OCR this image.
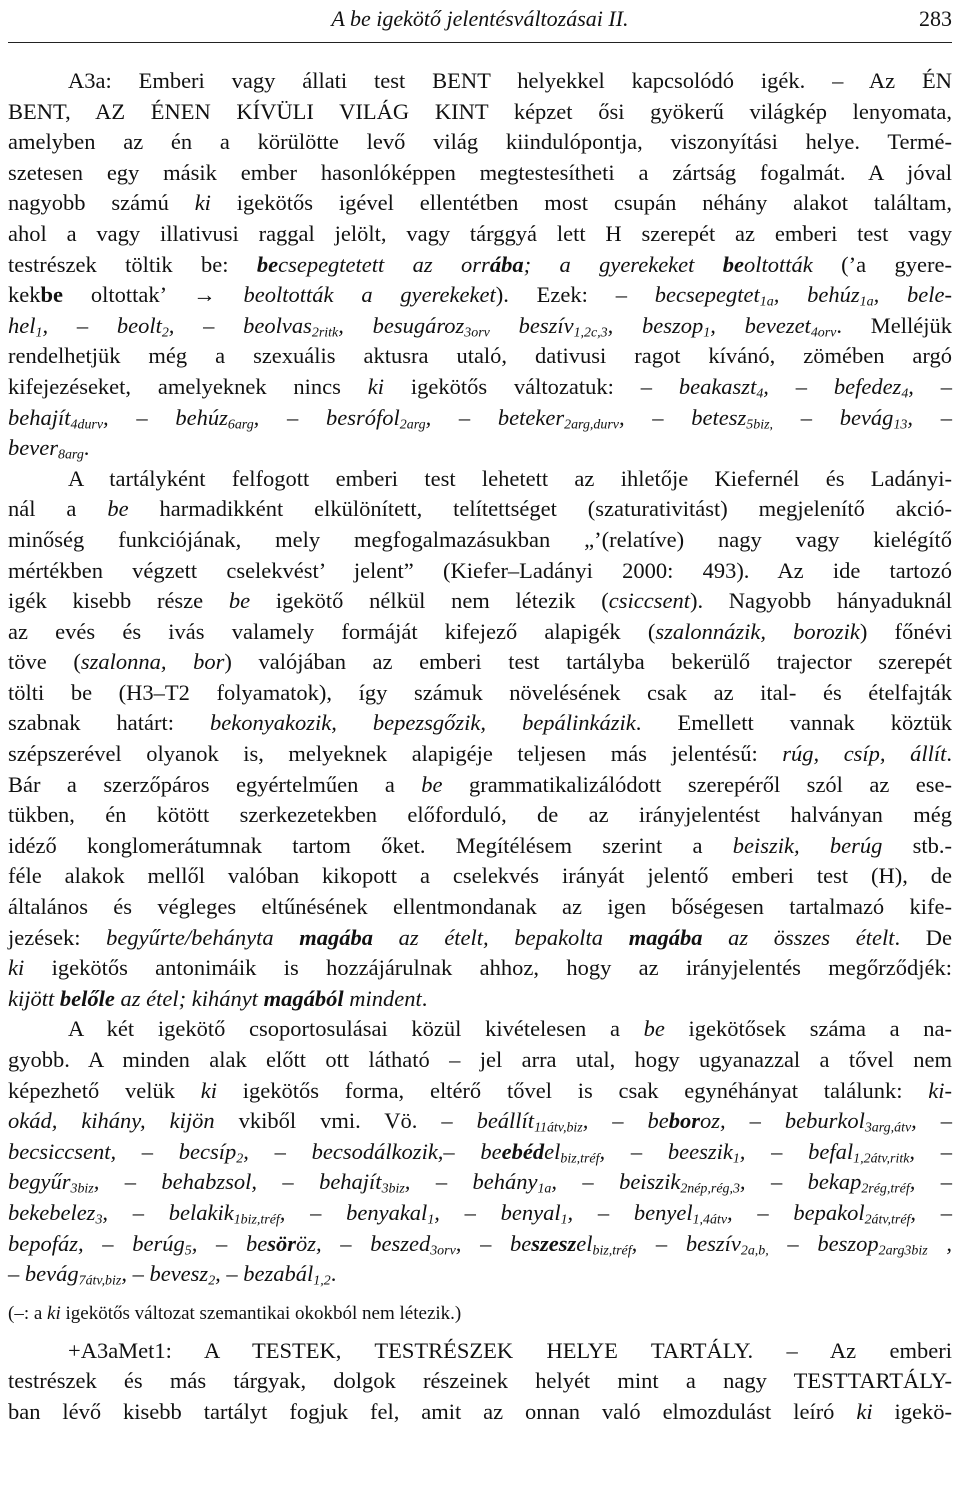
A be igekötő jelentésváltozásai II.	283

A3a: Emberi vagy állati test BENT helyekkel kapcsolódó igék. – Az ÉN
BENT, AZ ÉNEN KÍVÜLI VILÁG KINT képzet ősi gyökerű világkép lenyomata,
amelyben az én a körülötte levő világ kiindulópontja, viszonyítási helye. Termé-
szetesen egy másik ember hasonlóképpen megtestesítheti a zártság fogalmát. A jóval
nagyobb számú ki igekötős igével ellentétben most csupán néhány alakot találtam,
ahol a vagy illativusi raggal jelölt, vagy tárggyá lett H szerepét az emberi test vagy
testrészek töltik be: becsepegtetett az orrába; a gyerekeket beoltották (’a gyere-
kekbe oltottak’ → beoltották a gyerekeket). Ezek: – becsepegtet$_{1a}$, behúz$_{1a}$, bele-
hel$_1$, – beolt$_2$, – beolvas$_{2ritk}$, besugároz$_{3orv}$ beszív$_{1,2c,3}$, beszop$_1$, bevezet$_{4orv}$. Melléjük
rendelhetjük még a szexuális aktusra utaló, dativusi ragot kívánó, zömében argó
kifejezéseket, amelyeknek nincs ki igekötős változatuk: – beakaszt$_4$, – befedez$_4$, –
behajít$_{4durv}$, – behúz$_{6arg}$, – besrófol$_{2arg}$, – beteker$_{2arg,durv}$, – betesz$_{5biz,}$ – bevág$_{13}$, –
bever$_{8arg}$.

A tartályként felfogott emberi test lehetett az ihletője Kiefernél és Ladányi-
nál a be harmadikként elkülönített, telítettséget (szaturativitást) megjelenítő akció-
minőség funkciójának, mely megfogalmazásukban „’(relatíve) nagy vagy kielégítő
mértékben végzett cselekvést’ jelent” (Kiefer–Ladányi 2000: 493). Az ide tartozó
igék kisebb része be igekötő nélkül nem létezik (csiccsent). Nagyobb hányaduknál
az evés és ivás valamely formáját kifejező alapigék (szalonnázik, borozik) főnévi
töve (szalonna, bor) valójában az emberi test tartályba bekerülő trajector szerepét
tölti be (H3–T2 folyamatok), így számuk növelésének csak az ital- és ételfajták
szabnak határt: bekonyakozik, bepezsgőzik, bepálinkázik. Emellett vannak köztük
szépszerével olyanok is, melyeknek alapigéje teljesen más jelentésű: rúg, csíp, állít.
Bár a szerzőpáros egyértelműen a be grammatikalizálódott szerepéről szól az ese-
tükben, én kötött szerkezetekben előforduló, de az irányjelentést halványan még
idéző konglomerátumnak tartom őket. Megítélésem szerint a beiszik, berúg stb.-
féle alakok mellől valóban kikopott a cselekvés irányát jelentő emberi test (H), de
általános és végleges eltűnésének ellentmondanak az igen bőségesen tartalmazó kife-
jezések: begyűrte/behányta magába az ételt, bepakolta magába az összes ételt. De
ki igekötős antonimáik is hozzájárulnak ahhoz, hogy az irányjelentés megőrződjék:
kijött belőle az étel; kihányt magából mindent.

A két igekötő csoportosulásai közül kivételesen a be igekötősek száma a na-
gyobb. A minden alak előtt ott látható – jel arra utal, hogy ugyanazzal a tővel nem
képezhető velük ki igekötős forma, eltérő tővel is csak egynéhányat találunk: ki-
okád, kihány, kijön vkiből vmi. Vö. – beállít$_{11átv,biz}$, – beboroz, – beburkol$_{3arg,átv}$, –
becsiccsent, – becsíp$_2$, – becsodálkozik,– beebédel$_{biz,tréf}$, – beeszik$_1$, – befal$_{1,2átv,ritk}$, –
begyűr$_{3biz}$, – behabzsol, – behajít$_{3biz}$, – behány$_{1a}$, – beiszik$_{2nép,rég,3}$, – bekap$_{2rég,tréf}$, –
bekebelez$_3$, – belakik$_{1biz,tréf}$, – benyakal$_1$, – benyal$_1$, – benyel$_{1,4átv}$, – bepakol$_{2átv,tréf}$, –
bepofáz, – berúg$_5$, – besöröz, – beszed$_{3orv}$, – beszeszel$_{biz,tréf}$, – beszív$_{2a,b,}$ – beszop$_{2arg3biz}$ ,
– bevág$_{7átv,biz}$, – bevesz$_2$, – bezabál$_{1,2}$.

(–: a ki igekötős változat szemantikai okokból nem létezik.)

+A3aMet1: A TESTEK, TESTRÉSZEK HELYE TARTÁLY. – Az emberi
testrészek és más tárgyak, dolgok részeinek helyét mint a nagy TESTTARTÁLY-
ban lévő kisebb tartályt fogjuk fel, amit az onnan való elmozdulást leíró ki igekö-
